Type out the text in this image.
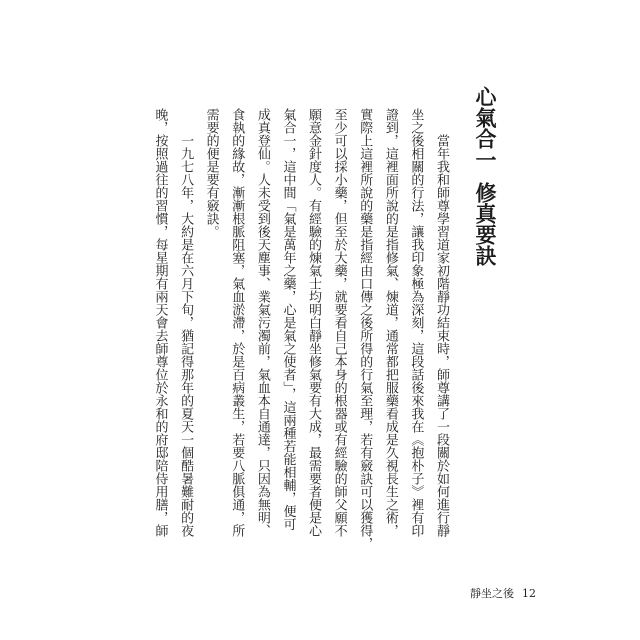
心氣合一修真要訣
當年我和師尊學習道家初階靜功結束時，師尊講了一段關於如何進行靜
坐之後相關的行法，讓我印象極為深刻，這段話後來我在《抱朴子》裡有印
證到，這裡面所說的是指修氣、煉道，通常都把服藥看成是久視長生之術，
實際上這裡所說的藥是指經由口傳之後所得的行氣至理，若有竅訣可以獲得，
至少可以採小藥，但至於大藥，就要看自己本身的根器或有經驗的師父願不
願意金針度人。有經驗的煉氣士均明白靜坐修氣要有大成，最需要者便是心
氣合一，這中間「氣是萬年之藥，心是氣之使者」，這兩種若能相輔，便可
成真登仙。人未受到後天塵事、業氣污濁前，氣血本自通達，只因為無明、
食執的緣故，漸漸根脈阻塞，氣血淤滯，於是百病叢生，若要八脈俱通，所
需要的便是要有竅訣。
一九七八年，大約是在六月下旬，猶記得那年的夏天一個酷暑難耐的夜
晚，按照過往的習慣，每星期有兩天會去師尊位於永和的府邸陪侍用膳，師
靜坐之後 12
